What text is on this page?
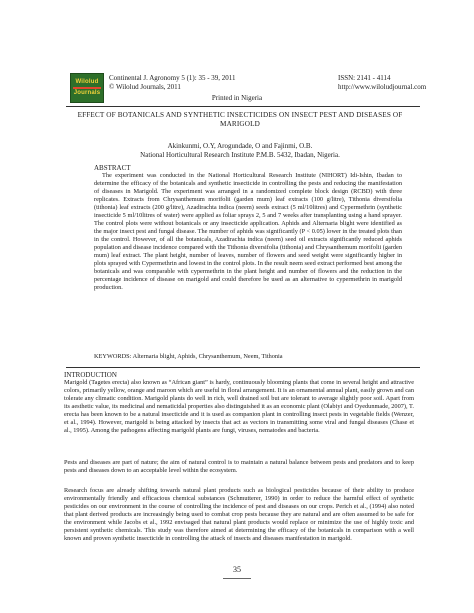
Wilolud
Journals
Continental J. Agronomy 5 (1): 35 - 39, 2011
© Wilolud Journals, 2011
ISSN: 2141 - 4114
http://www.wiloludjournal.com
Printed in Nigeria
EFFECT OF BOTANICALS AND SYNTHETIC INSECTICIDES ON INSECT PEST AND DISEASES OF MARIGOLD
Akinkunmi, O.Y, Arogundade, O and Fajinmi, O.B.
National Horticultural Research Institute P.M.B. 5432, Ibadan, Nigeria.
ABSTRACT

The experiment was conducted in the National Horticultural Research Institute (NIHORT) Idi-Ishin, Ibadan to determine the efficacy of the botanicals and synthetic insecticide in controlling the pests and reducing the manifestation of diseases in Marigold. The experiment was arranged in a randomized complete block design (RCBD) with three replicates. Extracts from Chrysanthemum morifolii (garden mum) leaf extracts (100 g/litre), Tithonia diversifolia (tithonia) leaf extracts (200 g/litre), Azadirachta indica (neem) seeds extract (5 ml/10litres) and Cypermethrin (synthetic insecticide 5 ml/10litres of water) were applied as foliar sprays 2, 5 and 7 weeks after transplanting using a hand sprayer. The control plots were without botanicals or any insecticide application. Aphids and Alternaria blight were identified as the major insect pest and fungal disease. The number of aphids was significantly (P < 0.05) lower in the treated plots than in the control. However, of all the botanicals, Azadirachta indica (neem) seed oil extracts significantly reduced aphids population and disease incidence compared with the Tithonia diversifolia (tithonia) and Chrysanthemum morifolii (garden mum) leaf extract. The plant height, number of leaves, number of flowers and seed weight were significantly higher in plots sprayed with Cypermethrin and lowest in the control plots. In the result neem seed extract performed best among the botanicals and was comparable with cypermethrin in the plant height and number of flowers and the reduction in the percentage incidence of disease on marigold and could therefore be used as an alternative to cypermethrin in marigold production.

KEYWORDS: Alternaria blight, Aphids, Chrysanthemum, Neem, Tithonia
INTRODUCTION

Marigold (Tagetes erecta) also known as “African giant” is hardy, continuously blooming plants that come in several height and attractive colors, primarily yellow, orange and maroon which are useful in floral arrangement. It is an ornamental annual plant, easily grown and can tolerate any climatic condition. Marigold plants do well in rich, well drained soil but are tolerant to average slightly poor soil. Apart from its aesthetic value, its medicinal and nematicidal properties also distinguished it as an economic plant (Olabiyi and Oyedunmade, 2007), T. erecta has been known to be a natural insecticide and it is used as companion plant in controlling insect pests in vegetable fields (Wenzer, et al., 1994). However, marigold is being attacked by insects that act as vectors in transmitting some viral and fungal diseases (Chase et al., 1995). Among the pathogens affecting marigold plants are fungi, viruses, nematodes and bacteria.

Pests and diseases are part of nature; the aim of natural control is to maintain a natural balance between pests and predators and to keep pests and diseases down to an acceptable level within the ecosystem.

Research focus are already shifting towards natural plant products such as biological pesticides because of their ability to produce environmentally friendly and efficacious chemical substances (Schmutterer, 1990) in order to reduce the harmful effect of synthetic pesticides on our environment in the course of controlling the incidence of pest and diseases on our crops. Perich et al., (1994) also noted that plant derived products are increasingly being used to combat crop pests because they are natural and are often assumed to be safe for the environment while Jacobs et al., 1992 envisaged that natural plant products would replace or minimize the use of highly toxic and persistent synthetic chemicals. This study was therefore aimed at determining the efficacy of the botanicals in comparison with a well known and proven synthetic insecticide in controlling the attack of insects and diseases manifestation in marigold.

35
